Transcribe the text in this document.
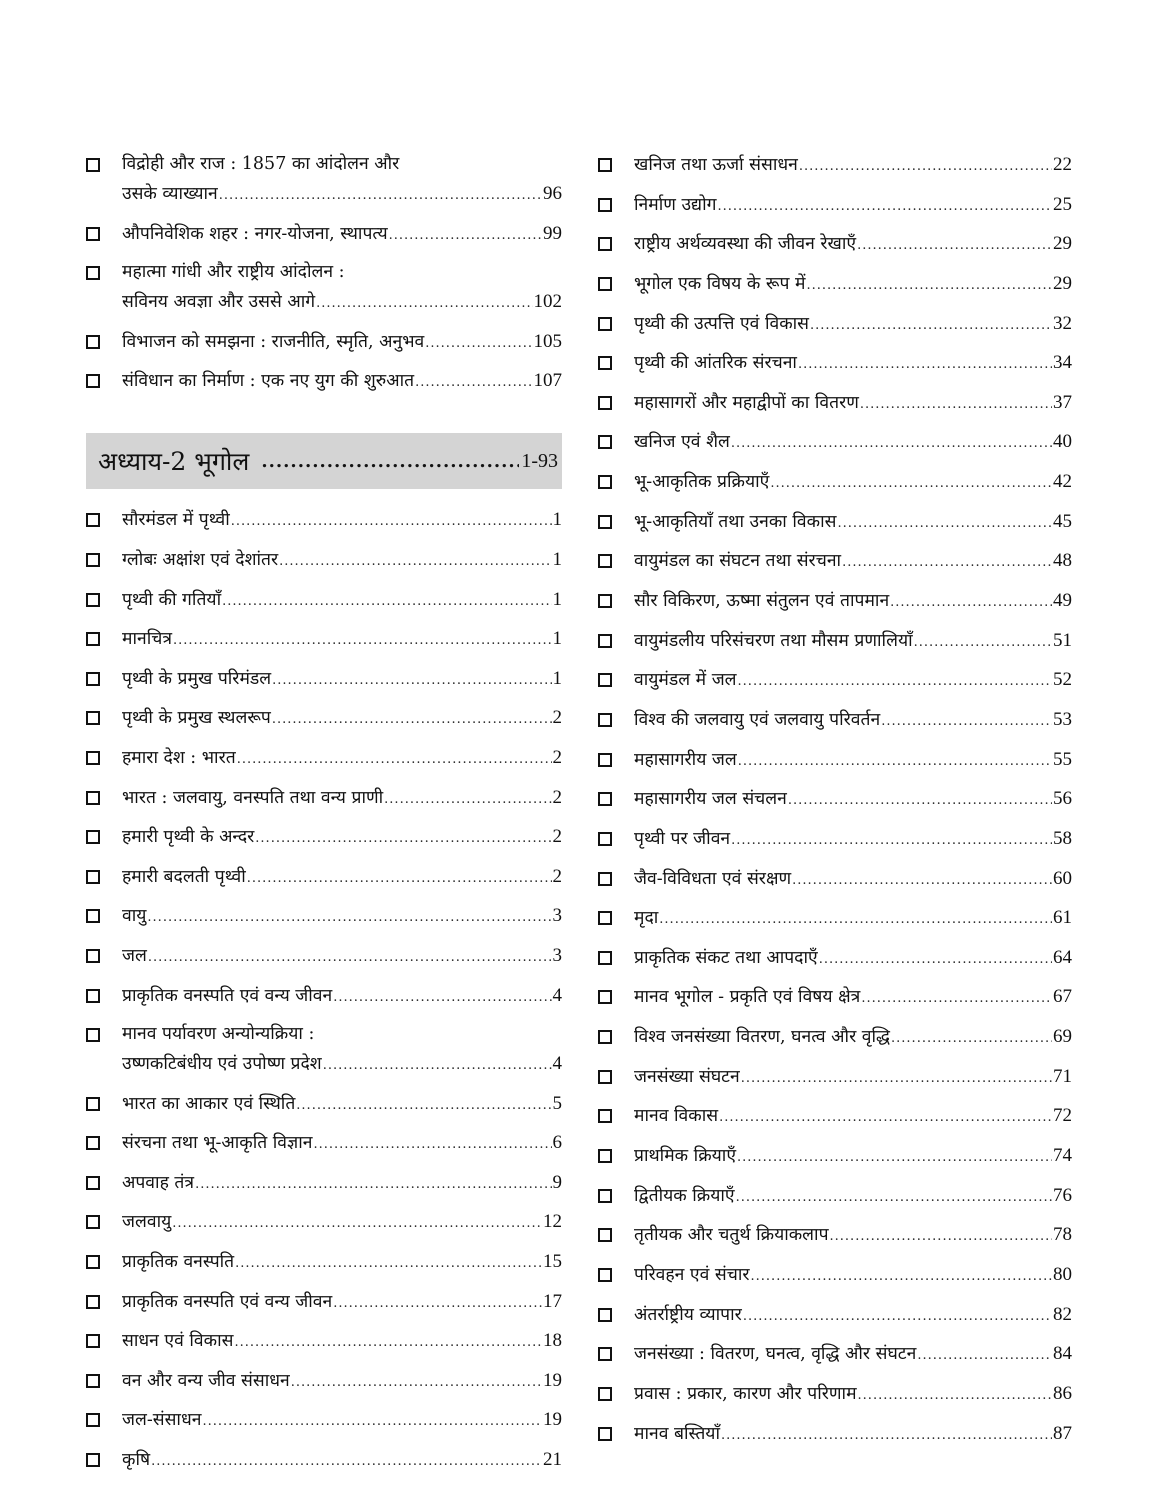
विद्रोही और राज : 1857 का आंदोलन और
उसके व्याख्यान .....	96
औपनिवेशिक शहर : नगर-योजना, स्थापत्य .....	99
महात्मा गांधी और राष्ट्रीय आंदोलन :
सविनय अवज्ञा और उससे आगे .....	102
विभाजन को समझना : राजनीति, स्मृति, अनुभव .....	105
संविधान का निर्माण : एक नए युग की शुरुआत .....	107
अध्याय-2 भूगोल .....	1-93
सौरमंडल में पृथ्वी .....	1
ग्लोबः अक्षांश एवं देशांतर .....	1
पृथ्वी की गतियाँ .....	1
मानचित्र .....	1
पृथ्वी के प्रमुख परिमंडल .....	1
पृथ्वी के प्रमुख स्थलरूप .....	2
हमारा देश : भारत .....	2
भारत : जलवायु, वनस्पति तथा वन्य प्राणी .....	2
हमारी पृथ्वी के अन्दर .....	2
हमारी बदलती पृथ्वी .....	2
वायु .....	3
जल .....	3
प्राकृतिक वनस्पति एवं वन्य जीवन .....	4
मानव पर्यावरण अन्योन्यक्रिया :
उष्णकटिबंधीय एवं उपोष्ण प्रदेश .....	4
भारत का आकार एवं स्थिति .....	5
संरचना तथा भू-आकृति विज्ञान .....	6
अपवाह तंत्र .....	9
जलवायु .....	12
प्राकृतिक वनस्पति .....	15
प्राकृतिक वनस्पति एवं वन्य जीवन .....	17
साधन एवं विकास .....	18
वन और वन्य जीव संसाधन .....	19
जल-संसाधन .....	19
कृषि .....	21
खनिज तथा ऊर्जा संसाधन .....	22
निर्माण उद्योग .....	25
राष्ट्रीय अर्थव्यवस्था की जीवन रेखाएँ .....	29
भूगोल एक विषय के रूप में .....	29
पृथ्वी की उत्पत्ति एवं विकास .....	32
पृथ्वी की आंतरिक संरचना .....	34
महासागरों और महाद्वीपों का वितरण .....	37
खनिज एवं शैल .....	40
भू-आकृतिक प्रक्रियाएँ .....	42
भू-आकृतियाँ तथा उनका विकास .....	45
वायुमंडल का संघटन तथा संरचना .....	48
सौर विकिरण, ऊष्मा संतुलन एवं तापमान .....	49
वायुमंडलीय परिसंचरण तथा मौसम प्रणालियाँ .....	51
वायुमंडल में जल .....	52
विश्व की जलवायु एवं जलवायु परिवर्तन .....	53
महासागरीय जल .....	55
महासागरीय जल संचलन .....	56
पृथ्वी पर जीवन .....	58
जैव-विविधता एवं संरक्षण .....	60
मृदा .....	61
प्राकृतिक संकट तथा आपदाएँ .....	64
मानव भूगोल - प्रकृति एवं विषय क्षेत्र .....	67
विश्व जनसंख्या वितरण, घनत्व और वृद्धि .....	69
जनसंख्या संघटन .....	71
मानव विकास .....	72
प्राथमिक क्रियाएँ .....	74
द्वितीयक क्रियाएँ .....	76
तृतीयक और चतुर्थ क्रियाकलाप .....	78
परिवहन एवं संचार .....	80
अंतर्राष्ट्रीय व्यापार .....	82
जनसंख्या : वितरण, घनत्व, वृद्धि और संघटन .....	84
प्रवास : प्रकार, कारण और परिणाम .....	86
मानव बस्तियाँ .....	87
